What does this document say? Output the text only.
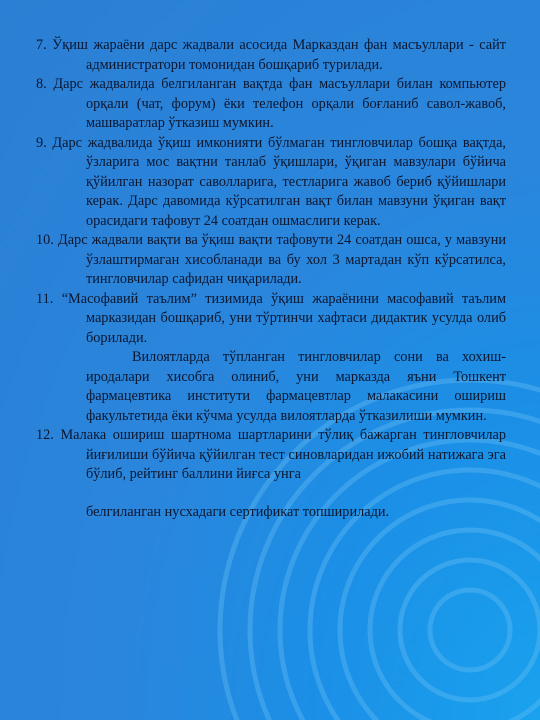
7. Ўқиш жараёни дарс жадвали асосида Марказдан фан масъуллари - сайт администратори томонидан бошқариб турилади.

8. Дарс жадвалида белгиланган вақтда фан масъуллари билан компьютер орқали (чат, форум) ёки телефон орқали боғланиб савол-жавоб, машваратлар ўтказиш мумкин.

9. Дарс жадвалида ўқиш имконияти бўлмаган тингловчилар бошқа вақтда, ўзларига мос вақтни танлаб ўқишлари, ўқиган мавзулари бўйича қўйилган назорат саволларига, тестларига жавоб бериб қўйишлари керак. Дарс давомида кўрсатилган вақт билан мавзуни ўқиган вақт орасидаги тафовут 24 соатдан ошмаслиги керак.

10. Дарс жадвали вақти ва ўқиш вақти тафовути 24 соатдан ошса, у мавзуни ўзлаштирмаган хисобланади ва бу хол 3 мартадан кўп кўрсатилса, тингловчилар сафидан чиқарилади.

11. “Масофавий таълим” тизимида ўқиш жараёнини масофавий таълим марказидан бошқариб, уни тўртинчи хафтаси дидактик усулда олиб борилади.

Вилоятларда тўпланган тингловчилар сони ва хохиш-иродалари хисобга олиниб, уни марказда яъни Тошкент фармацевтика институти фармацевтлар малакасини ошириш факультетида ёки кўчма усулда вилоятларда ўтказилиши мумкин.

12. Малака ошириш шартнома шартларини тўлиқ бажарган тингловчилар йиғилиши бўйича қўйилган тест синовларидан ижобий натижага эга бўлиб, рейтинг баллини йиғса унга

белгиланган нусхадаги сертификат топширилади.
